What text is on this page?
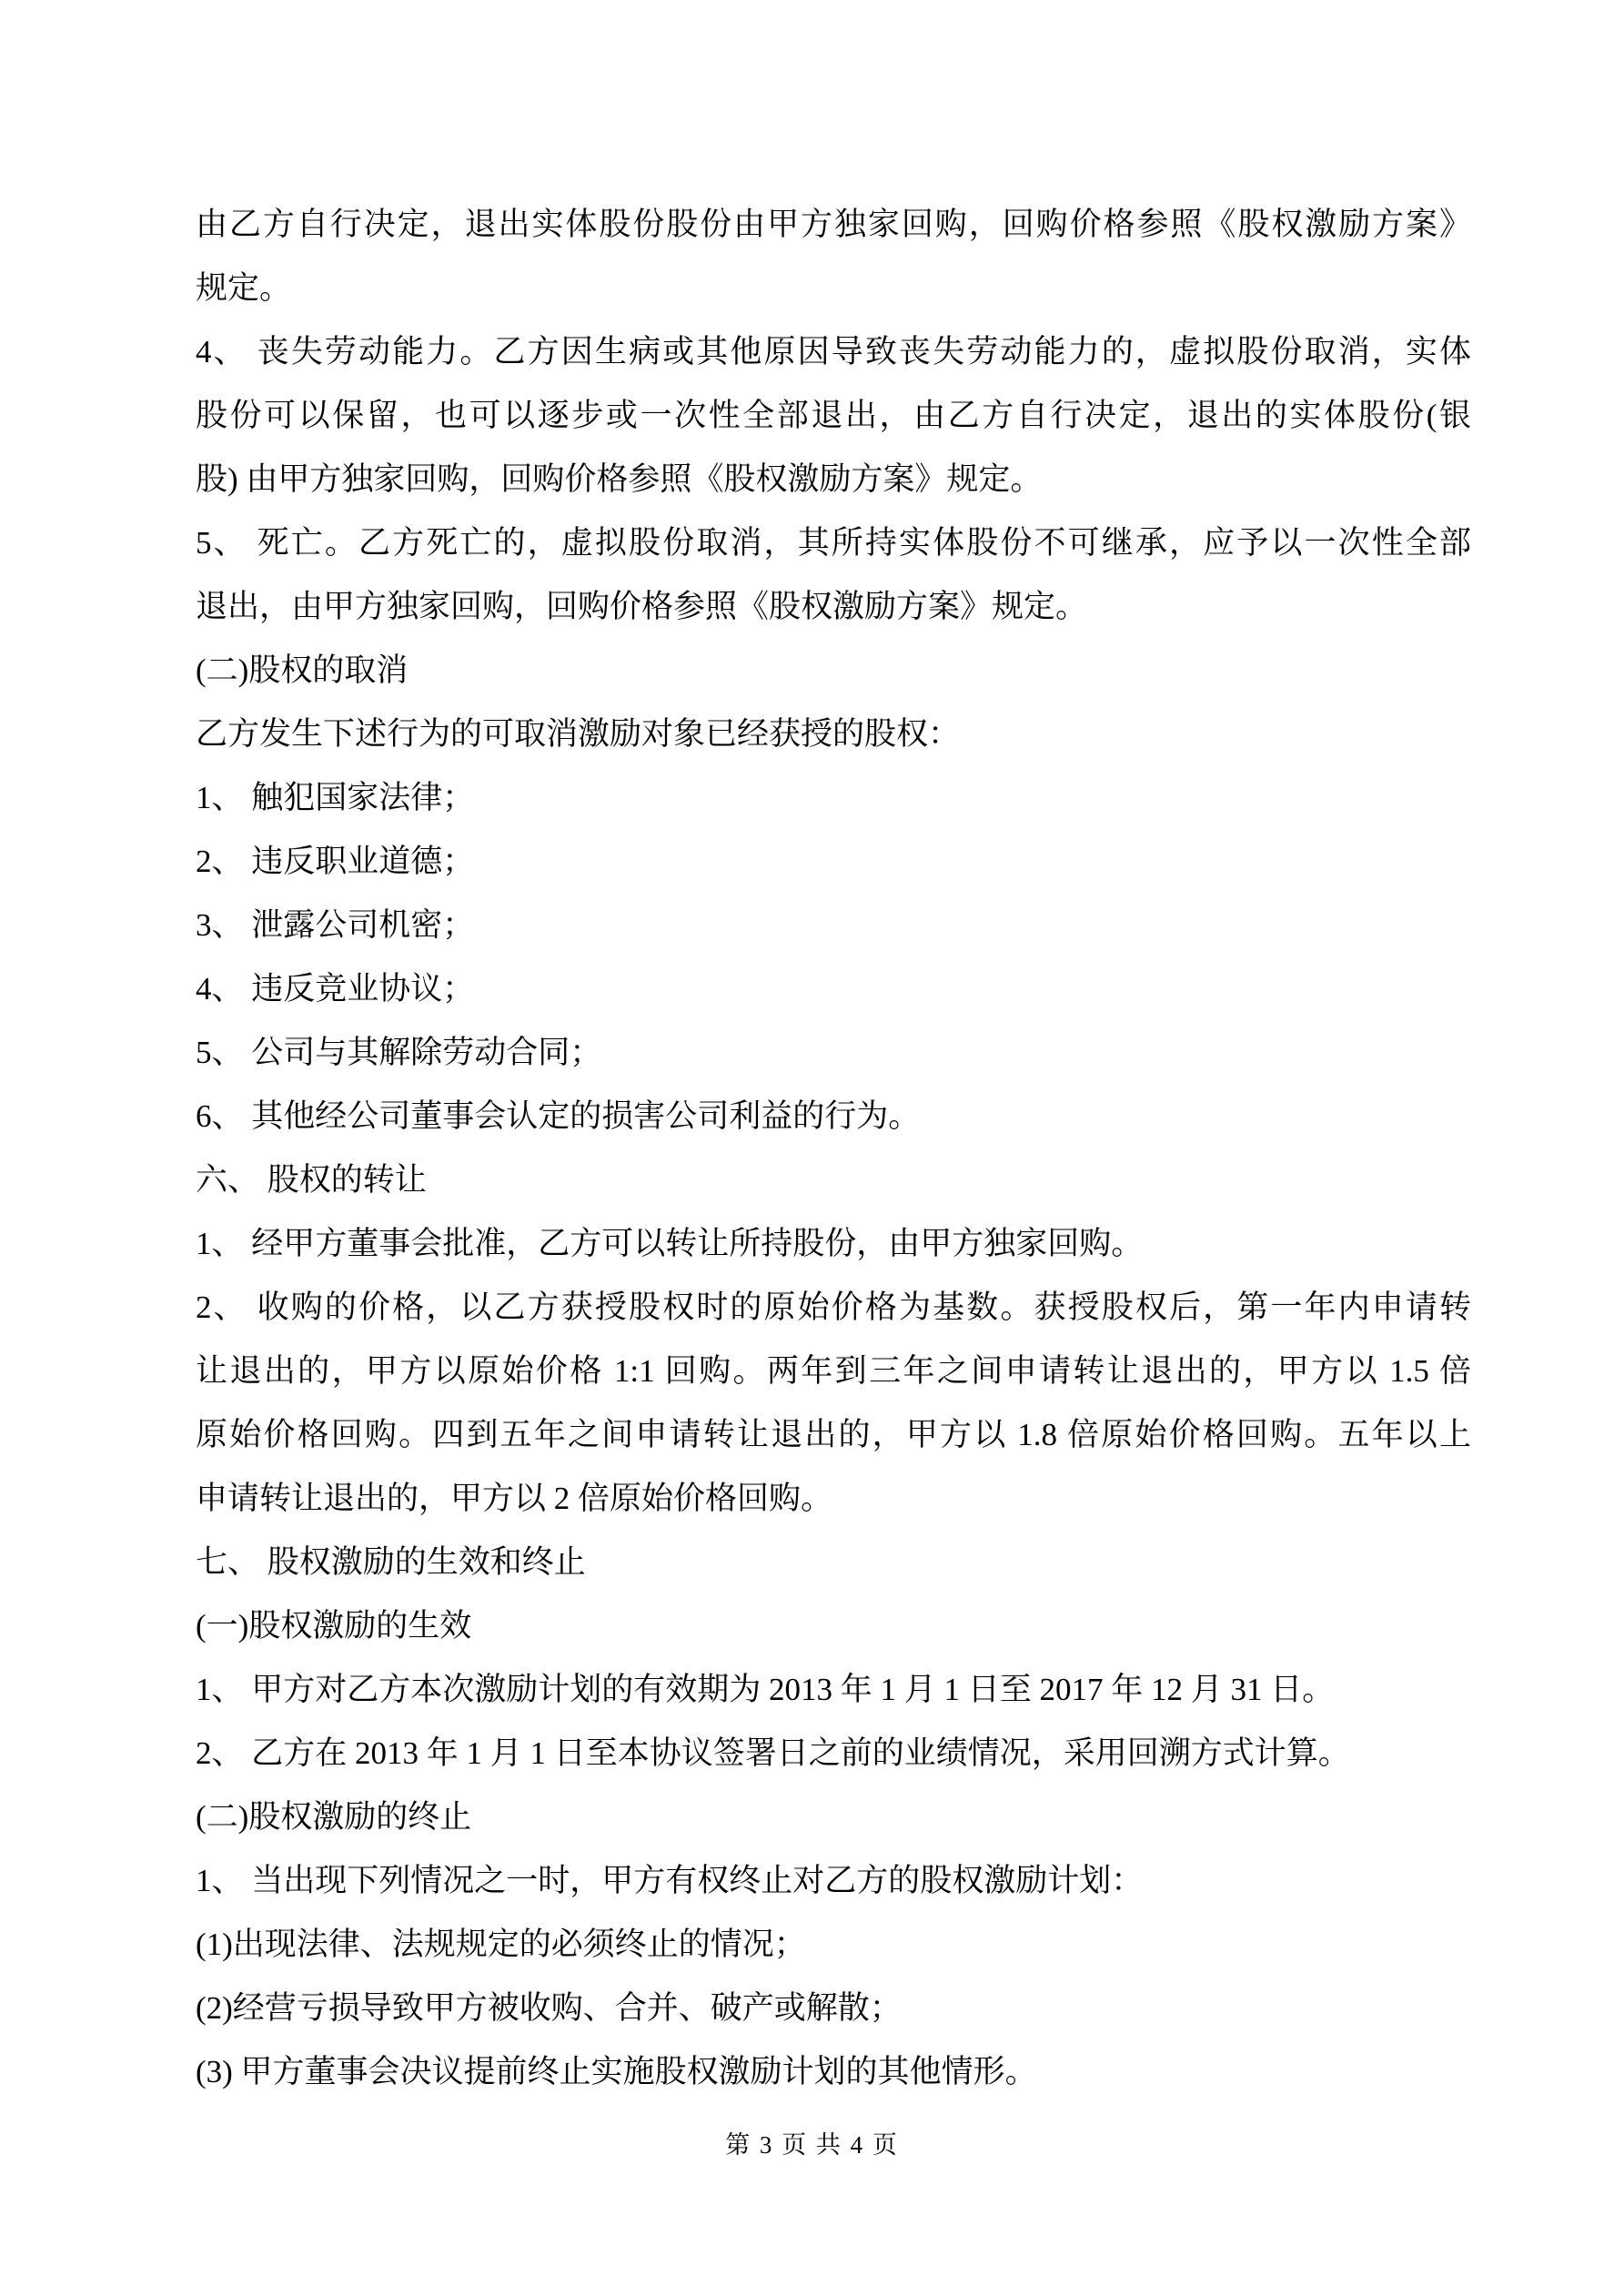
由乙方自行决定，退出实体股份股份由甲方独家回购，回购价格参照《股权激励方案》
规定。
4、 丧失劳动能力。乙方因生病或其他原因导致丧失劳动能力的，虚拟股份取消，实体
股份可以保留，也可以逐步或一次性全部退出，由乙方自行决定，退出的实体股份(银
股) 由甲方独家回购，回购价格参照《股权激励方案》规定。
5、 死亡。乙方死亡的，虚拟股份取消，其所持实体股份不可继承，应予以一次性全部
退出，由甲方独家回购，回购价格参照《股权激励方案》规定。
(二)股权的取消
乙方发生下述行为的可取消激励对象已经获授的股权：
1、 触犯国家法律；
2、 违反职业道德；
3、 泄露公司机密；
4、 违反竞业协议；
5、 公司与其解除劳动合同；
6、 其他经公司董事会认定的损害公司利益的行为。
六、 股权的转让
1、 经甲方董事会批准，乙方可以转让所持股份，由甲方独家回购。
2、 收购的价格，以乙方获授股权时的原始价格为基数。获授股权后，第一年内申请转
让退出的，甲方以原始价格 1:1 回购。两年到三年之间申请转让退出的，甲方以 1.5 倍
原始价格回购。四到五年之间申请转让退出的，甲方以 1.8 倍原始价格回购。五年以上
申请转让退出的，甲方以 2 倍原始价格回购。
七、 股权激励的生效和终止
(一)股权激励的生效
1、 甲方对乙方本次激励计划的有效期为 2013 年 1 月 1 日至 2017 年 12 月 31 日。
2、 乙方在 2013 年 1 月 1 日至本协议签署日之前的业绩情况，采用回溯方式计算。
(二)股权激励的终止
1、 当出现下列情况之一时，甲方有权终止对乙方的股权激励计划：
(1)出现法律、法规规定的必须终止的情况；
(2)经营亏损导致甲方被收购、合并、破产或解散；
(3) 甲方董事会决议提前终止实施股权激励计划的其他情形。
第 3 页 共 4 页
